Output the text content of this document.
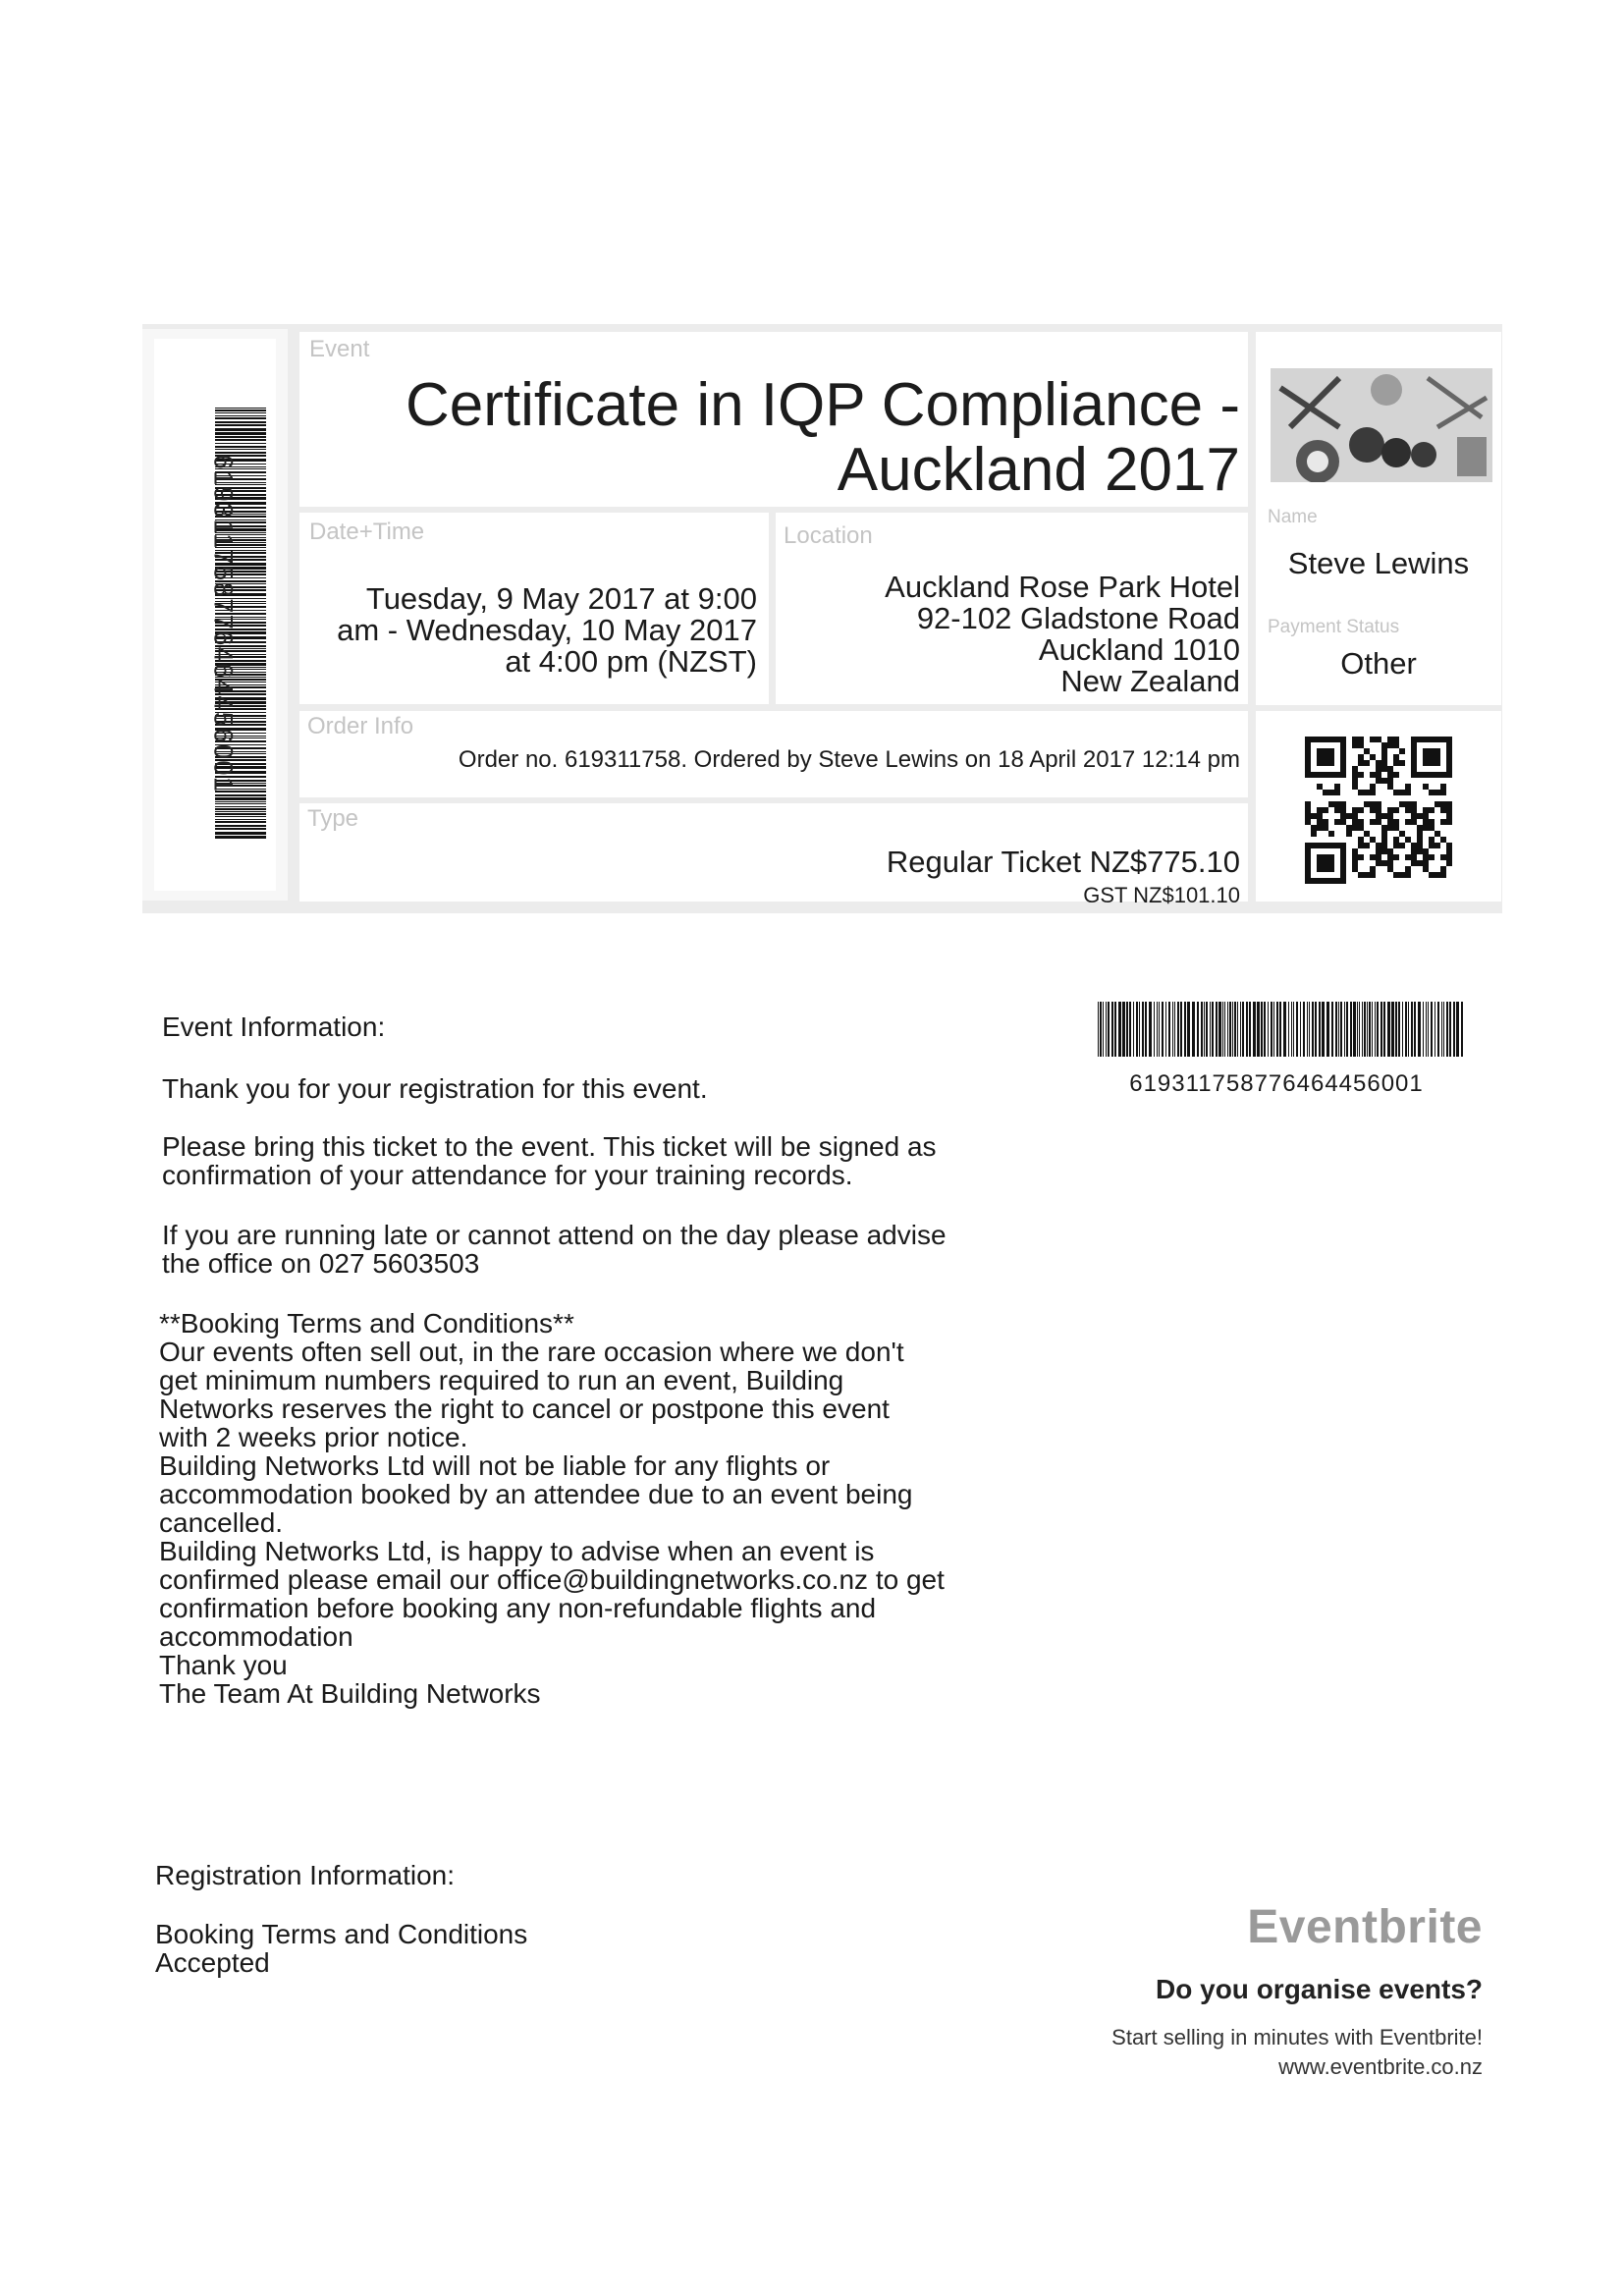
619311758776464456001
Event
Certificate in IQP Compliance - Auckland 2017
Date+Time
Tuesday, 9 May 2017 at 9:00 am - Wednesday, 10 May 2017 at 4:00 pm (NZST)
Location
Auckland Rose Park Hotel
92-102 Gladstone Road
Auckland 1010
New Zealand
Order Info
Order no. 619311758. Ordered by Steve Lewins on 18 April 2017 12:14 pm
Type
Regular Ticket NZ$775.10
GST NZ$101.10
Name
Steve Lewins
Payment Status
Other
Event Information:
Thank you for your registration for this event.
Please bring this ticket to the event. This ticket will be signed as
confirmation of your attendance for your training records.
If you are running late or cannot attend on the day please advise
the office on 027 5603503
**Booking Terms and Conditions**
Our events often sell out, in the rare occasion where we don't
get minimum numbers required to run an event, Building
Networks reserves the right to cancel or postpone this event
with 2 weeks prior notice.
Building Networks Ltd will not be liable for any flights or
accommodation booked by an attendee due to an event being
cancelled.
Building Networks Ltd, is happy to advise when an event is
confirmed please email our office@buildingnetworks.co.nz to get
confirmation before booking any non-refundable flights and
accommodation
Thank you
The Team At Building Networks
Registration Information:
Booking Terms and Conditions
Accepted
619311758776464456001
Eventbrite
Do you organise events?
Start selling in minutes with Eventbrite!
www.eventbrite.co.nz
